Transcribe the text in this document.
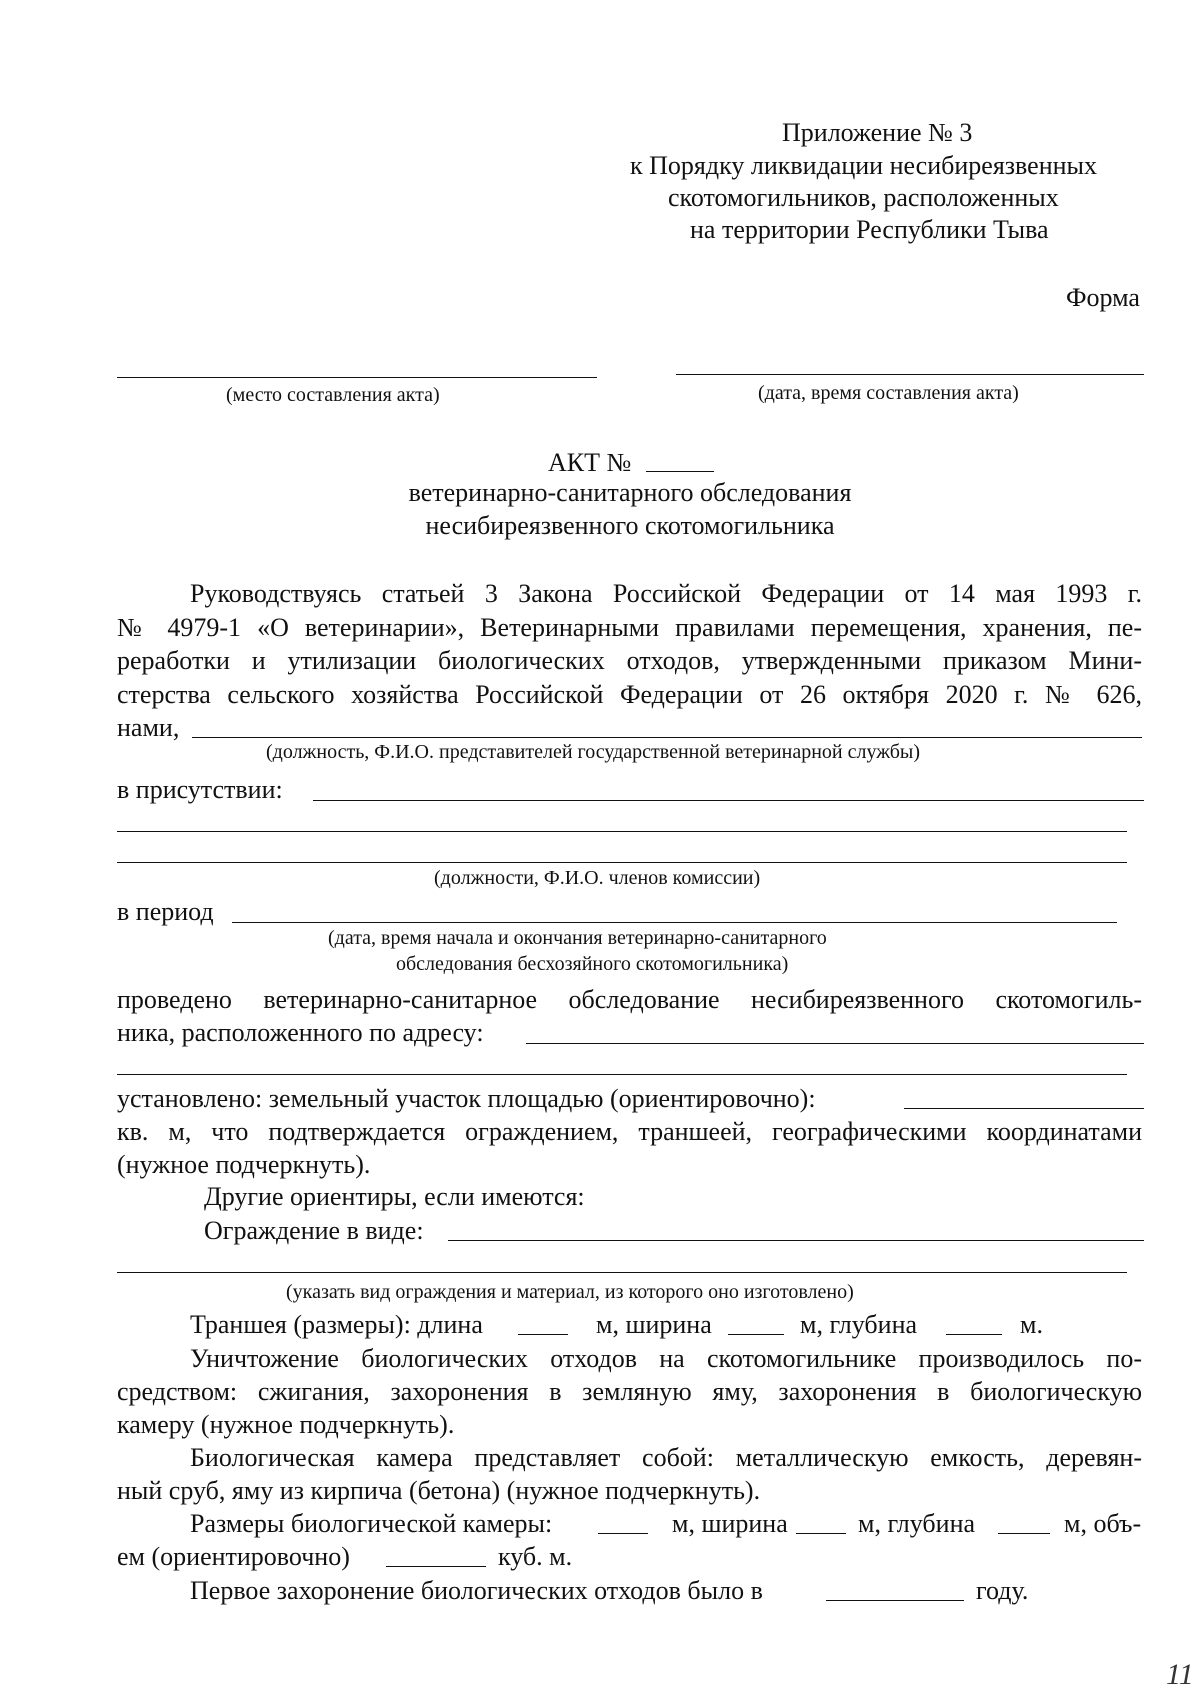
Приложение № 3
к Порядку ликвидации несибиреязвенных
скотомогильников, расположенных
на территории Республики Тыва
Форма
(место составления акта)	(дата, время составления акта)
АКТ №
ветеринарно-санитарного обследования
несибиреязвенного скотомогильника
Руководствуясь статьей 3 Закона Российской Федерации от 14 мая 1993 г.
№ 4979-1 «О ветеринарии», Ветеринарными правилами перемещения, хранения, пе-
реработки и утилизации биологических отходов, утвержденными приказом Мини-
стерства сельского хозяйства Российской Федерации от 26 октября 2020 г. № 626,
нами,
(должность, Ф.И.О. представителей государственной ветеринарной службы)
в присутствии:
(должности, Ф.И.О. членов комиссии)
в период
(дата, время начала и окончания ветеринарно-санитарного
обследования бесхозяйного скотомогильника)
проведено ветеринарно-санитарное обследование несибиреязвенного скотомогиль-
ника, расположенного по адресу:
установлено: земельный участок площадью (ориентировочно):
кв. м, что подтверждается ограждением, траншеей, географическими координатами
(нужное подчеркнуть).
Другие ориентиры, если имеются:
Ограждение в виде:
(указать вид ограждения и материал, из которого оно изготовлено)
Траншея (размеры): длина	м, ширина	м, глубина	м.
Уничтожение биологических отходов на скотомогильнике производилось по-
средством: сжигания, захоронения в земляную яму, захоронения в биологическую
камеру (нужное подчеркнуть).
Биологическая камера представляет собой: металлическую емкость, деревян-
ный сруб, яму из кирпича (бетона) (нужное подчеркнуть).
Размеры биологической камеры:	м, ширина	м, глубина	м, объ-
ем (ориентировочно)	куб. м.
Первое захоронение биологических отходов было в	году.
11
